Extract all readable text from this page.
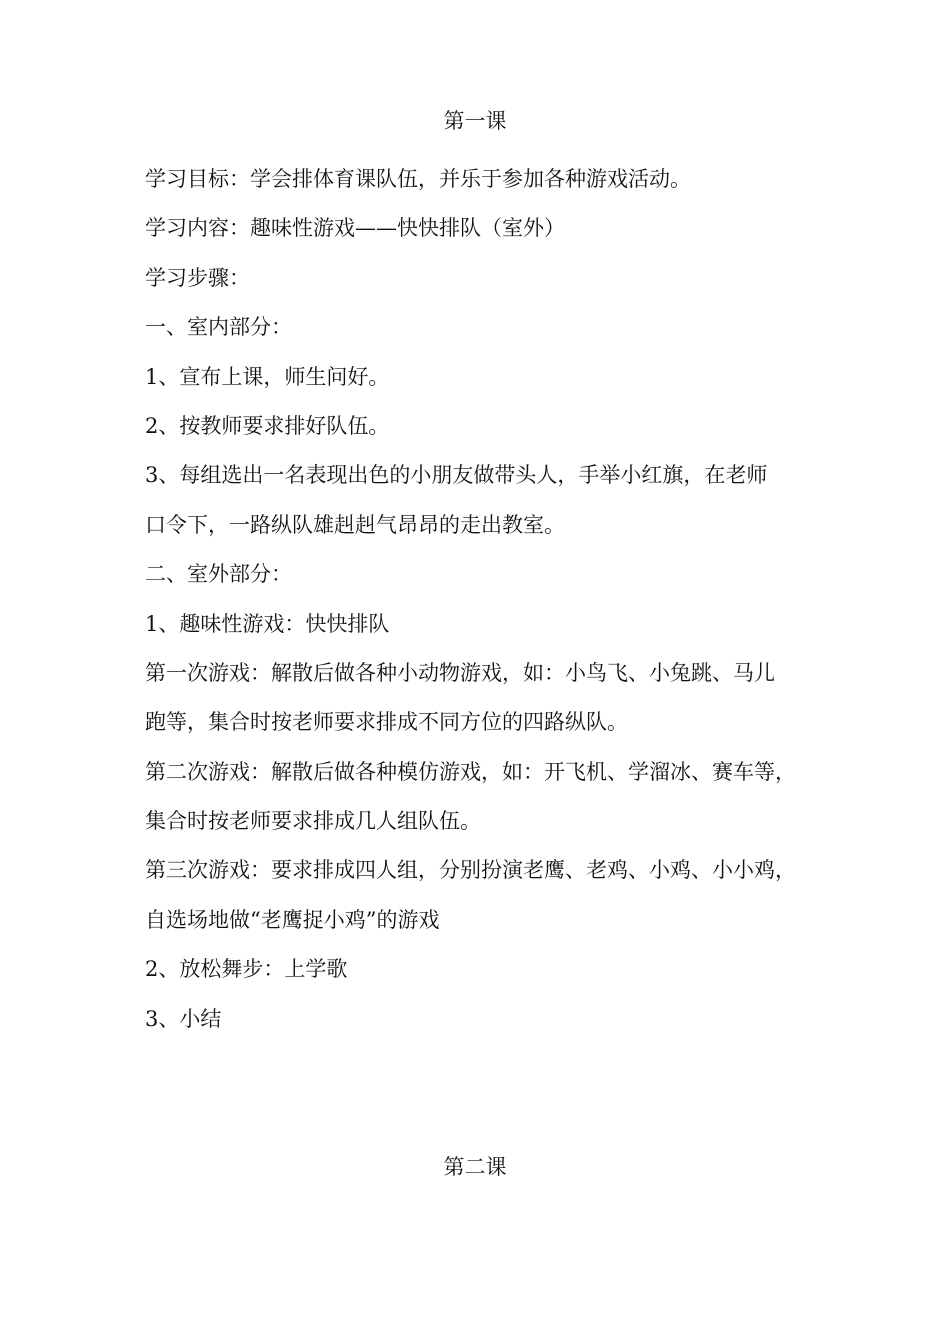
第一课

学习目标：学会排体育课队伍，并乐于参加各种游戏活动。

学习内容：趣味性游戏——快快排队（室外）

学习步骤：

一、室内部分：

1、宣布上课，师生问好。

2、按教师要求排好队伍。

3、每组选出一名表现出色的小朋友做带头人，手举小红旗，在老师

口令下，一路纵队雄赳赳气昂昂的走出教室。

二、室外部分：

1、趣味性游戏：快快排队

第一次游戏：解散后做各种小动物游戏，如：小鸟飞、小兔跳、马儿

跑等，集合时按老师要求排成不同方位的四路纵队。

第二次游戏：解散后做各种模仿游戏，如：开飞机、学溜冰、赛车等，

集合时按老师要求排成几人组队伍。

第三次游戏：要求排成四人组，分别扮演老鹰、老鸡、小鸡、小小鸡，

自选场地做“老鹰捉小鸡”的游戏

2、放松舞步：上学歌

3、小结

第二课
